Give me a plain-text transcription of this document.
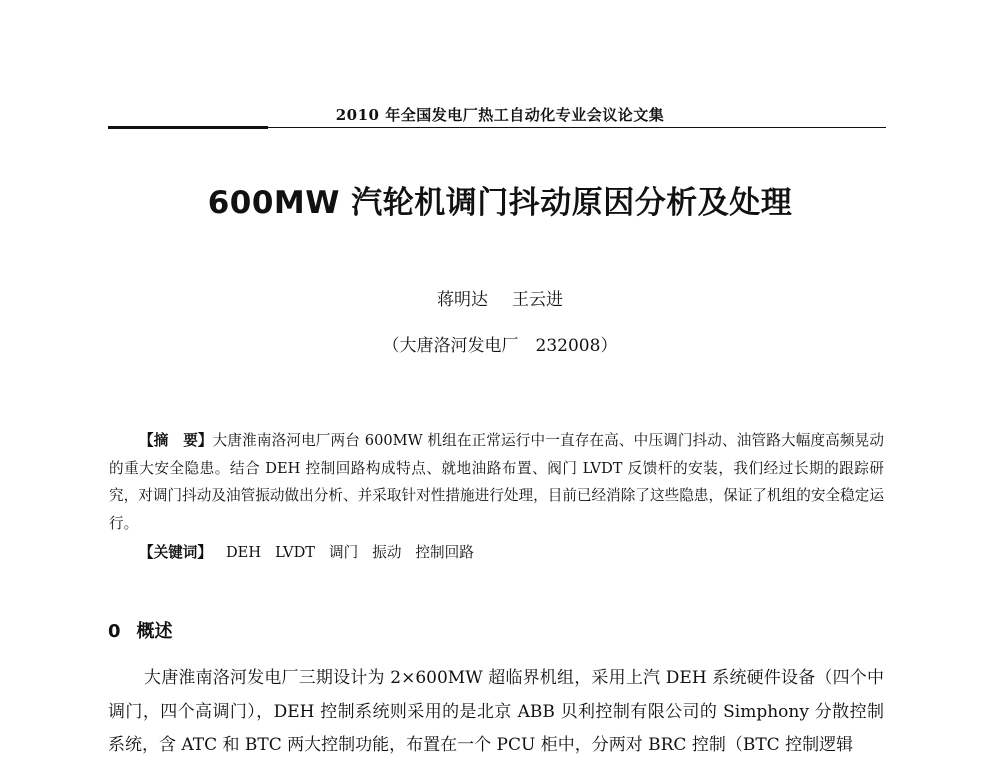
2010 年全国发电厂热工自动化专业会议论文集
600MW 汽轮机调门抖动原因分析及处理
蒋明达 王云进
（大唐洛河发电厂　232008）

【摘　要】大唐淮南洛河电厂两台 600MW 机组在正常运行中一直存在高、中压调门抖动、油管路大幅度高频晃动的重大安全隐患。结合 DEH 控制回路构成特点、就地油路布置、阀门 LVDT 反馈杆的安装，我们经过长期的跟踪研究，对调门抖动及油管振动做出分析、并采取针对性措施进行处理，目前已经消除了这些隐患，保证了机组的安全稳定运行。

【关键词】 DEH LVDT 调门 振动 控制回路
0 概述

大唐淮南洛河发电厂三期设计为 2×600MW 超临界机组，采用上汽 DEH 系统硬件设备（四个中调门，四个高调门），DEH 控制系统则采用的是北京 ABB 贝利控制有限公司的 Simphony 分散控制系统，含 ATC 和 BTC 两大控制功能，布置在一个 PCU 柜中，分两对 BRC 控制（BTC 控制逻辑
